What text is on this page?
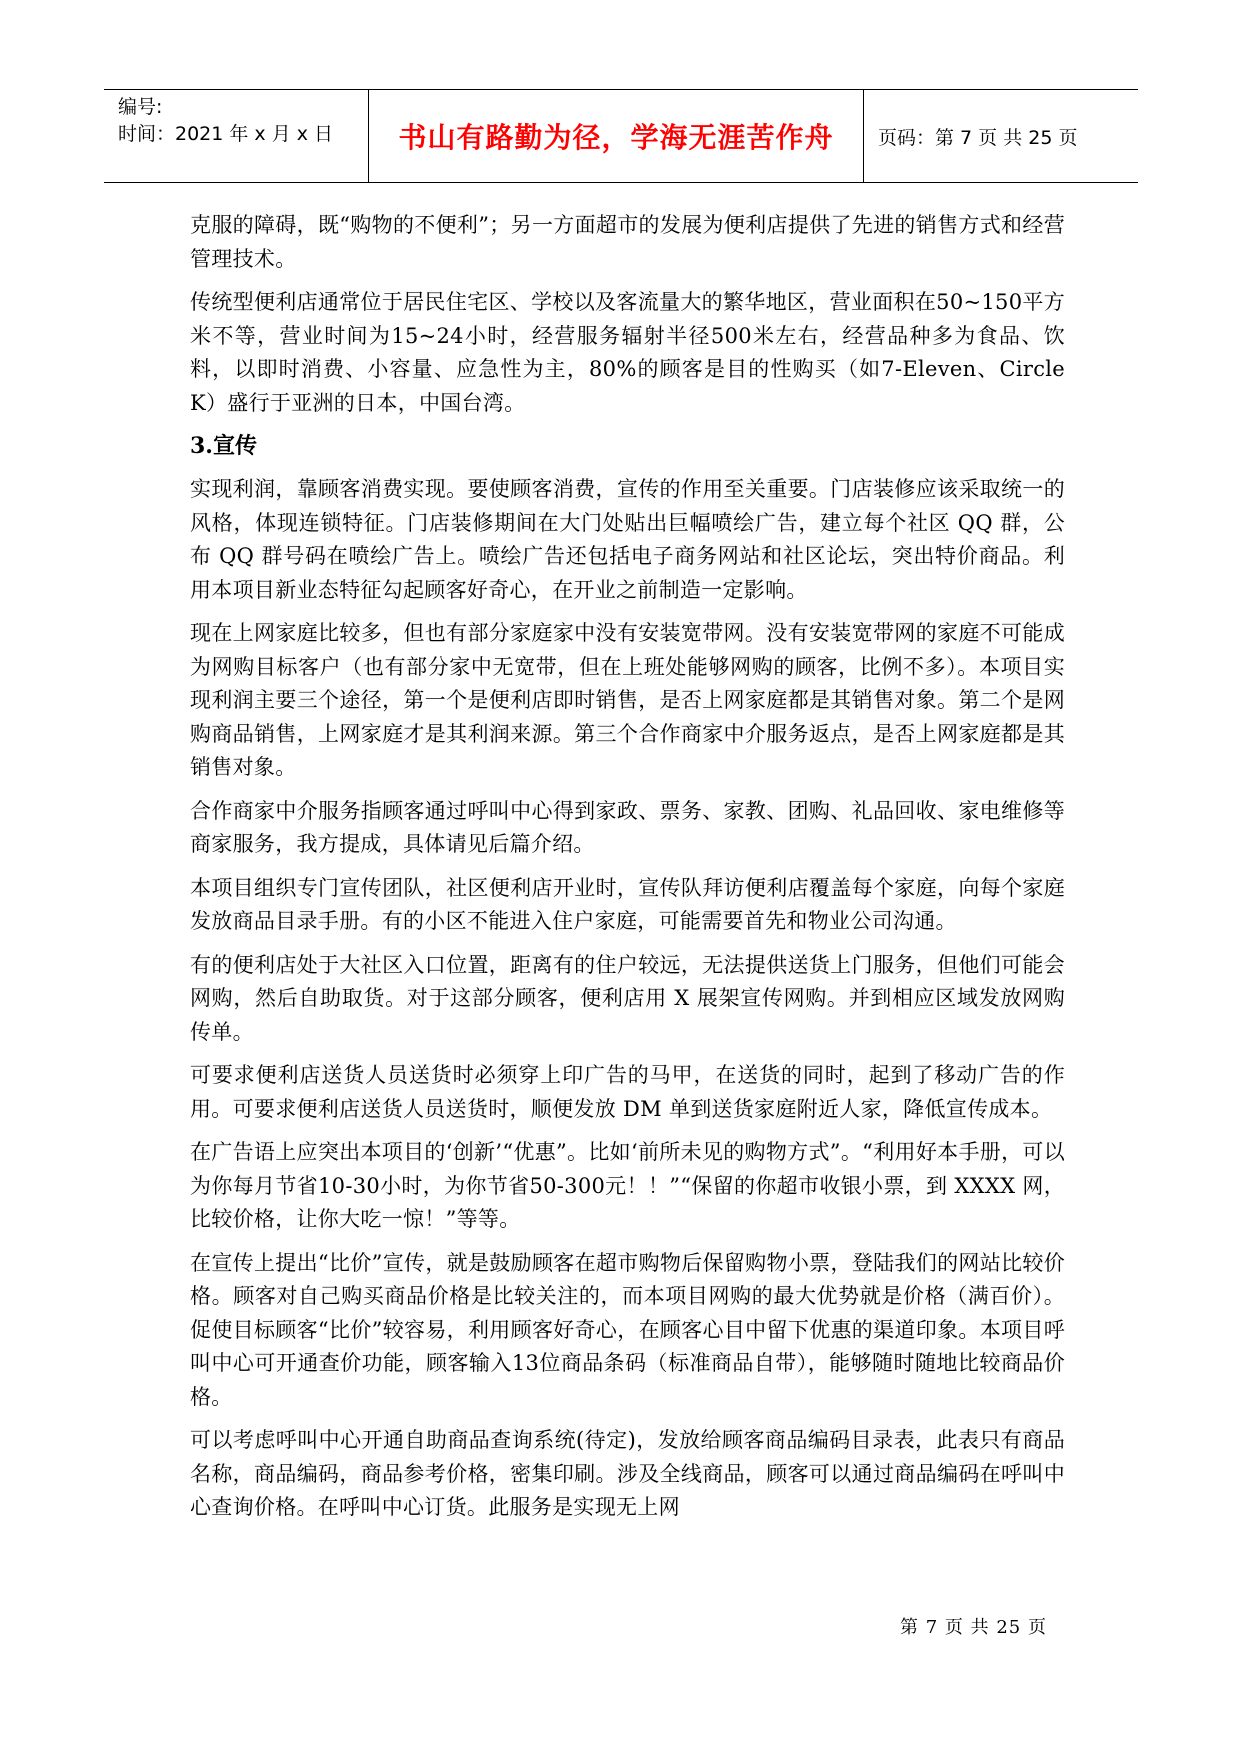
编号:
时间：2021 年 x 月 x 日	书山有路勤为径，学海无涯苦作舟 页码：第 7 页 共 25 页

克服的障碍，既“购物的不便利”；另一方面超市的发展为便利店提供了先进的销售方式和经营管理技术。

传统型便利店通常位于居民住宅区、学校以及客流量大的繁华地区，营业面积在50~150平方米不等，营业时间为15~24小时，经营服务辐射半径500米左右，经营品种多为食品、饮料，以即时消费、小容量、应急性为主，80%的顾客是目的性购买（如7-Eleven、Circle K）盛行于亚洲的日本，中国台湾。

3.宣传

实现利润，靠顾客消费实现。要使顾客消费，宣传的作用至关重要。门店装修应该采取统一的风格，体现连锁特征。门店装修期间在大门处贴出巨幅喷绘广告，建立每个社区 QQ 群，公布 QQ 群号码在喷绘广告上。喷绘广告还包括电子商务网站和社区论坛，突出特价商品。利用本项目新业态特征勾起顾客好奇心，在开业之前制造一定影响。

现在上网家庭比较多，但也有部分家庭家中没有安装宽带网。没有安装宽带网的家庭不可能成为网购目标客户（也有部分家中无宽带，但在上班处能够网购的顾客，比例不多）。本项目实现利润主要三个途径，第一个是便利店即时销售，是否上网家庭都是其销售对象。第二个是网购商品销售，上网家庭才是其利润来源。第三个合作商家中介服务返点，是否上网家庭都是其销售对象。

合作商家中介服务指顾客通过呼叫中心得到家政、票务、家教、团购、礼品回收、家电维修等商家服务，我方提成，具体请见后篇介绍。

本项目组织专门宣传团队，社区便利店开业时，宣传队拜访便利店覆盖每个家庭，向每个家庭发放商品目录手册。有的小区不能进入住户家庭，可能需要首先和物业公司沟通。

有的便利店处于大社区入口位置，距离有的住户较远，无法提供送货上门服务，但他们可能会网购，然后自助取货。对于这部分顾客，便利店用 X 展架宣传网购。并到相应区域发放网购传单。

可要求便利店送货人员送货时必须穿上印广告的马甲，在送货的同时，起到了移动广告的作用。可要求便利店送货人员送货时，顺便发放 DM 单到送货家庭附近人家，降低宣传成本。

在广告语上应突出本项目的‘创新’“优惠”。比如‘前所未见的购物方式”。“利用好本手册，可以为你每月节省10-30小时，为你节省50-300元！！”“保留的你超市收银小票，到 XXXX 网，比较价格，让你大吃一惊！”等等。

在宣传上提出“比价”宣传，就是鼓励顾客在超市购物后保留购物小票，登陆我们的网站比较价格。顾客对自己购买商品价格是比较关注的，而本项目网购的最大优势就是价格（满百价）。促使目标顾客“比价”较容易，利用顾客好奇心，在顾客心目中留下优惠的渠道印象。本项目呼叫中心可开通查价功能，顾客输入13位商品条码（标准商品自带），能够随时随地比较商品价格。

可以考虑呼叫中心开通自助商品查询系统(待定)，发放给顾客商品编码目录表，此表只有商品名称，商品编码，商品参考价格，密集印刷。涉及全线商品，顾客可以通过商品编码在呼叫中心查询价格。在呼叫中心订货。此服务是实现无上网

第 7 页 共 25 页
